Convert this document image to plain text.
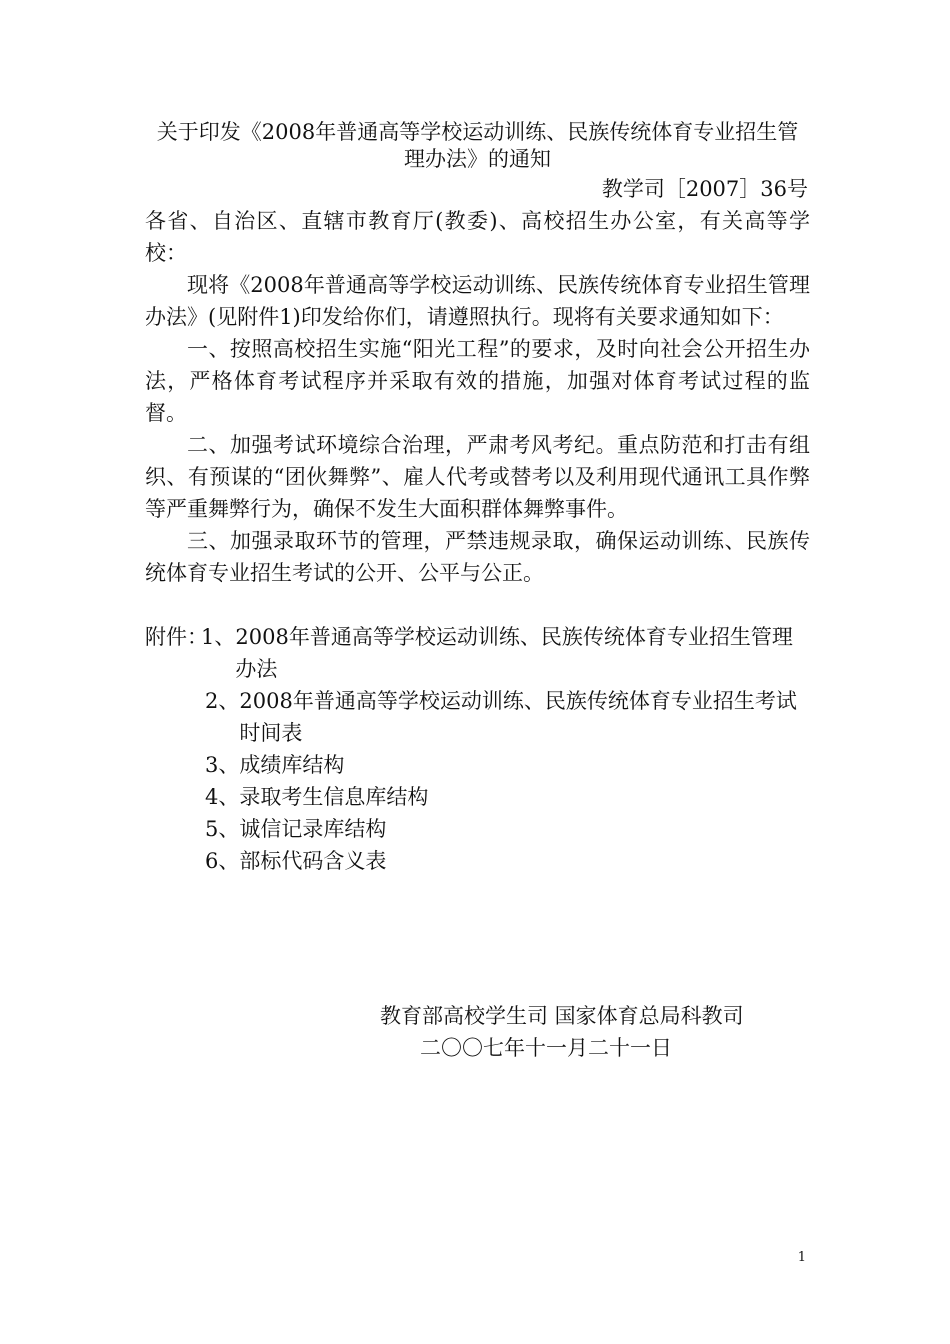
关于印发《2008年普通高等学校运动训练、民族传统体育专业招生管理办法》的通知

教学司［2007］36号

各省、自治区、直辖市教育厅(教委)、高校招生办公室，有关高等学校：

现将《2008年普通高等学校运动训练、民族传统体育专业招生管理办法》(见附件1)印发给你们，请遵照执行。现将有关要求通知如下：

一、按照高校招生实施“阳光工程”的要求，及时向社会公开招生办法，严格体育考试程序并采取有效的措施，加强对体育考试过程的监督。

二、加强考试环境综合治理，严肃考风考纪。重点防范和打击有组织、有预谋的“团伙舞弊”、雇人代考或替考以及利用现代通讯工具作弊等严重舞弊行为，确保不发生大面积群体舞弊事件。

三、加强录取环节的管理，严禁违规录取，确保运动训练、民族传统体育专业招生考试的公开、公平与公正。

附件：
1、 2008年普通高等学校运动训练、民族传统体育专业招生管理办法
2、 2008年普通高等学校运动训练、民族传统体育专业招生考试时间表
3、 成绩库结构
4、 录取考生信息库结构
5、 诚信记录库结构
6、 部标代码含义表

教育部高校学生司 国家体育总局科教司

二〇〇七年十一月二十一日

1
